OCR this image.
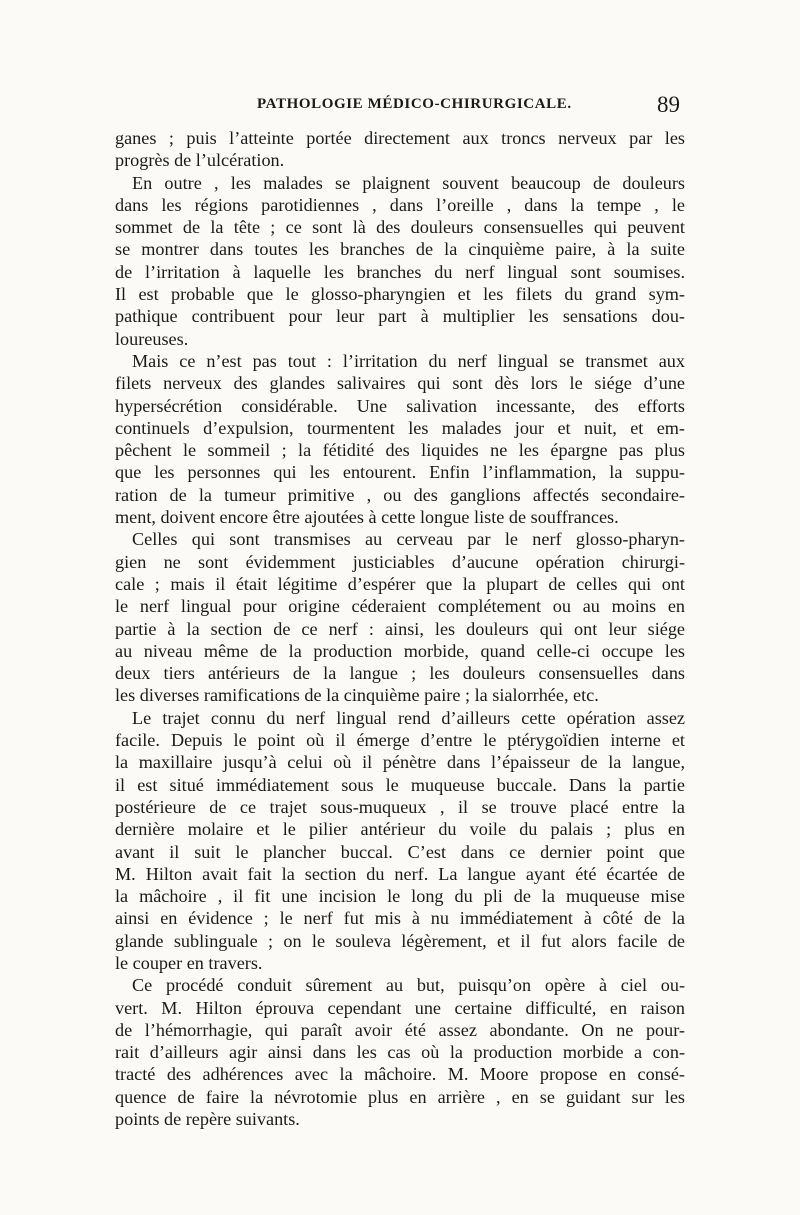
PATHOLOGIE MÉDICO-CHIRURGICALE.	89
ganes ; puis l’atteinte portée directement aux troncs nerveux par les
progrès de l’ulcération.
En outre , les malades se plaignent souvent beaucoup de douleurs
dans les régions parotidiennes , dans l’oreille , dans la tempe , le
sommet de la tête ; ce sont là des douleurs consensuelles qui peuvent
se montrer dans toutes les branches de la cinquième paire, à la suite
de l’irritation à laquelle les branches du nerf lingual sont soumises.
Il est probable que le glosso-pharyngien et les filets du grand sym-
pathique contribuent pour leur part à multiplier les sensations dou-
loureuses.
Mais ce n’est pas tout : l’irritation du nerf lingual se transmet aux
filets nerveux des glandes salivaires qui sont dès lors le siége d’une
hypersécrétion considérable. Une salivation incessante, des efforts
continuels d’expulsion, tourmentent les malades jour et nuit, et em-
pêchent le sommeil ; la fétidité des liquides ne les épargne pas plus
que les personnes qui les entourent. Enfin l’inflammation, la suppu-
ration de la tumeur primitive , ou des ganglions affectés secondaire-
ment, doivent encore être ajoutées à cette longue liste de souffrances.
Celles qui sont transmises au cerveau par le nerf glosso-pharyn-
gien ne sont évidemment justiciables d’aucune opération chirurgi-
cale ; mais il était légitime d’espérer que la plupart de celles qui ont
le nerf lingual pour origine céderaient complétement ou au moins en
partie à la section de ce nerf : ainsi, les douleurs qui ont leur siége
au niveau même de la production morbide, quand celle-ci occupe les
deux tiers antérieurs de la langue ; les douleurs consensuelles dans
les diverses ramifications de la cinquième paire ; la sialorrhée, etc.
Le trajet connu du nerf lingual rend d’ailleurs cette opération assez
facile. Depuis le point où il émerge d’entre le ptérygoïdien interne et
la maxillaire jusqu’à celui où il pénètre dans l’épaisseur de la langue,
il est situé immédiatement sous le muqueuse buccale. Dans la partie
postérieure de ce trajet sous-muqueux , il se trouve placé entre la
dernière molaire et le pilier antérieur du voile du palais ; plus en
avant il suit le plancher buccal. C’est dans ce dernier point que
M. Hilton avait fait la section du nerf. La langue ayant été écartée de
la mâchoire , il fit une incision le long du pli de la muqueuse mise
ainsi en évidence ; le nerf fut mis à nu immédiatement à côté de la
glande sublinguale ; on le souleva légèrement, et il fut alors facile de
le couper en travers.
Ce procédé conduit sûrement au but, puisqu’on opère à ciel ou-
vert. M. Hilton éprouva cependant une certaine difficulté, en raison
de l’hémorrhagie, qui paraît avoir été assez abondante. On ne pour-
rait d’ailleurs agir ainsi dans les cas où la production morbide a con-
tracté des adhérences avec la mâchoire. M. Moore propose en consé-
quence de faire la névrotomie plus en arrière , en se guidant sur les
points de repère suivants.
